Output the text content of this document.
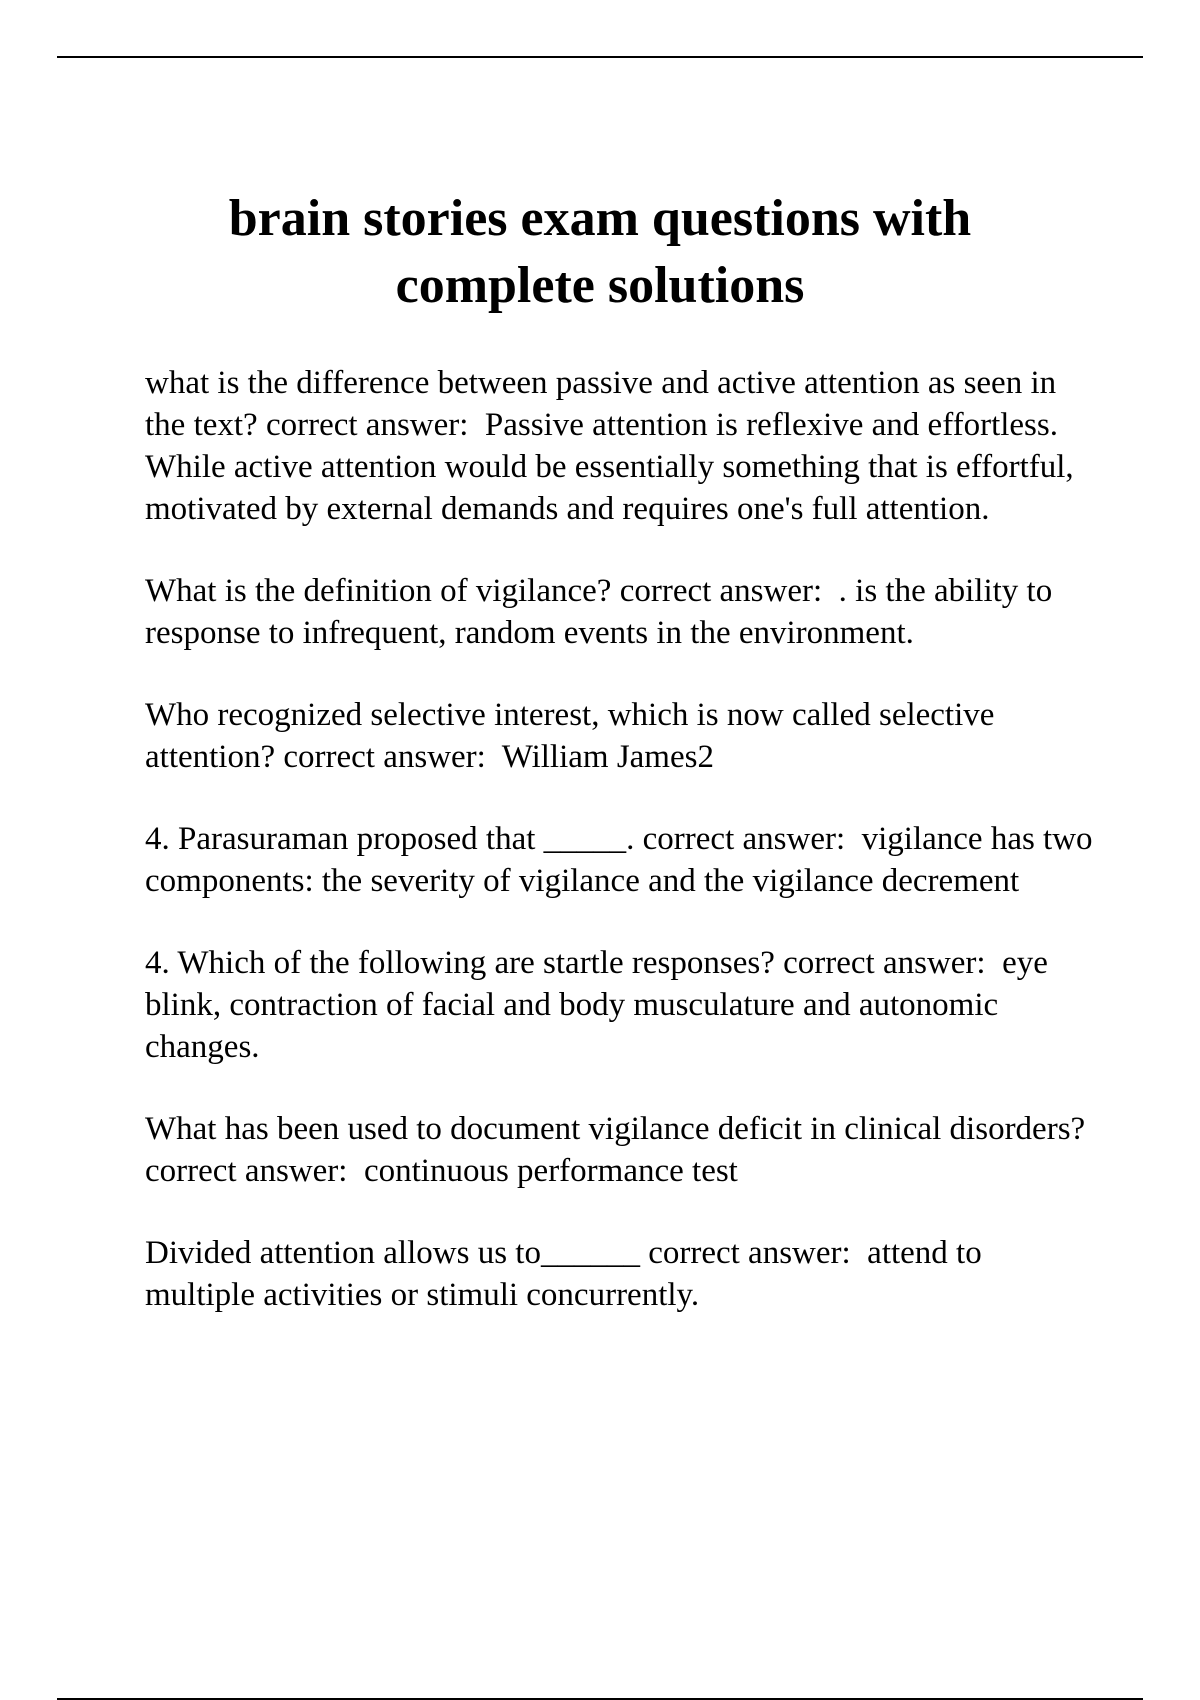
brain stories exam questions with
complete solutions

what is the difference between passive and active attention as seen in the text? correct answer: Passive attention is reflexive and effortless. While active attention would be essentially something that is effortful, motivated by external demands and requires one's full attention.

What is the definition of vigilance? correct answer: . is the ability to response to infrequent, random events in the environment.

Who recognized selective interest, which is now called selective attention? correct answer: William James2

4. Parasuraman proposed that _____. correct answer: vigilance has two components: the severity of vigilance and the vigilance decrement

4. Which of the following are startle responses? correct answer: eye blink, contraction of facial and body musculature and autonomic changes.

What has been used to document vigilance deficit in clinical disorders? correct answer: continuous performance test

Divided attention allows us to______ correct answer: attend to multiple activities or stimuli concurrently.
